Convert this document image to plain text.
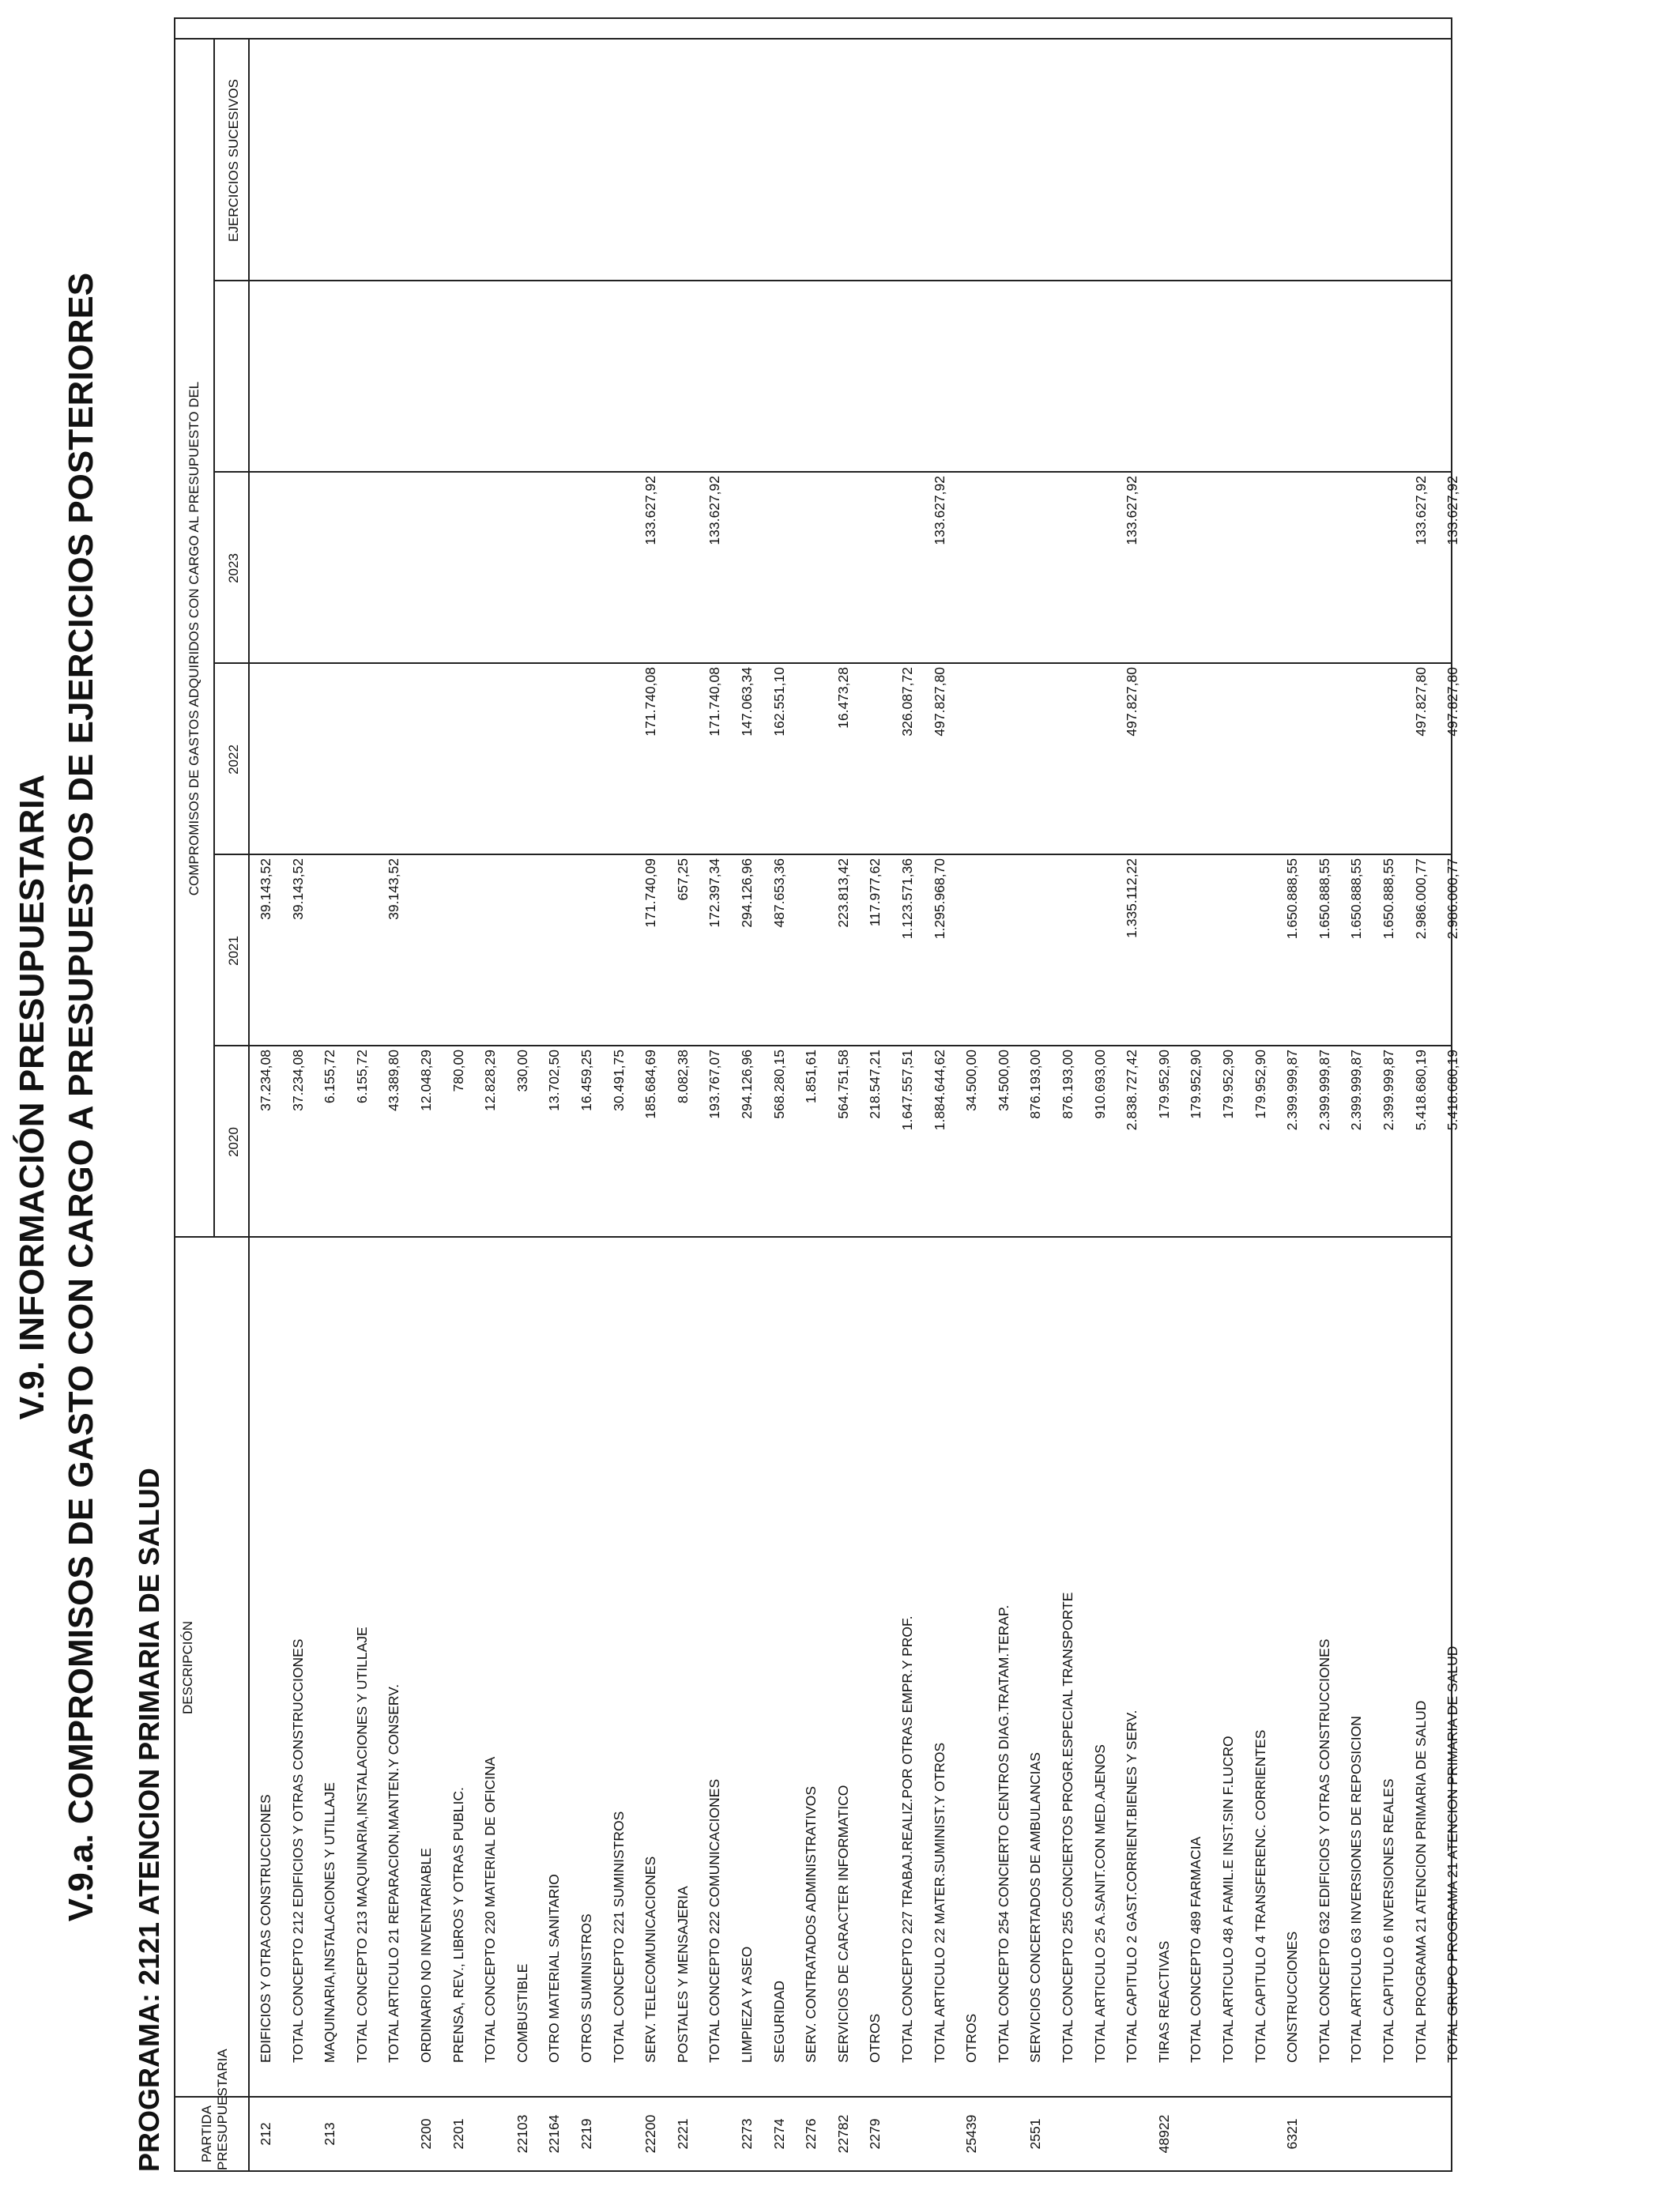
V.9. INFORMACIÓN PRESUPUESTARIA V.9.a. COMPROMISOS DE GASTO CON CARGO A PRESUPUESTOS DE EJERCICIOS POSTERIORES PROGRAMA: 2121 ATENCION PRIMARIA DE SALUD	PARTIDA PRESUPUESTARIA
DESCRIPCIÓN
COMPROMISOS DE GASTOS ADQUIRIDOS CON CARGO AL PRESUPUESTO DEL
2020
2021
2022
2023
EJERCICIOS SUCESIVOS
212
EDIFICIOS Y OTRAS CONSTRUCCIONES
37.234,08
39.143,52
TOTAL CONCEPTO 212 EDIFICIOS Y OTRAS CONSTRUCCIONES
37.234,08
39.143,52
213
MAQUINARIA,INSTALACIONES Y UTILLAJE
6.155,72
TOTAL CONCEPTO 213 MAQUINARIA,INSTALACIONES Y UTILLAJE
6.155,72
TOTAL ARTICULO 21 REPARACION,MANTEN.Y CONSERV.
43.389,80
39.143,52
2200
ORDINARIO NO INVENTARIABLE
12.048,29
2201
PRENSA, REV., LIBROS Y OTRAS PUBLIC.
780,00
TOTAL CONCEPTO 220 MATERIAL DE OFICINA
12.828,29
22103
COMBUSTIBLE
330,00
22164
OTRO MATERIAL SANITARIO
13.702,50
2219
OTROS SUMINISTROS
16.459,25
TOTAL CONCEPTO 221 SUMINISTROS
30.491,75
22200
SERV. TELECOMUNICACIONES
185.684,69
171.740,09
171.740,08
133.627,92
2221
POSTALES Y MENSAJERIA
8.082,38
657,25
TOTAL CONCEPTO 222 COMUNICACIONES
193.767,07
172.397,34
171.740,08
133.627,92
2273
LIMPIEZA Y ASEO
294.126,96
294.126,96
147.063,34
2274
SEGURIDAD
568.280,15
487.653,36
162.551,10
2276
SERV. CONTRATADOS ADMINISTRATIVOS
1.851,61
22782
SERVICIOS DE CARACTER INFORMATICO
564.751,58
223.813,42
16.473,28
2279
OTROS
218.547,21
117.977,62
TOTAL CONCEPTO 227 TRABAJ.REALIZ.POR OTRAS EMPR.Y PROF.
1.647.557,51
1.123.571,36
326.087,72
TOTAL ARTICULO 22 MATER.SUMINIST.Y OTROS
1.884.644,62
1.295.968,70
497.827,80
133.627,92
25439
OTROS
34.500,00
TOTAL CONCEPTO 254 CONCIERTO CENTROS DIAG.TRATAM.TERAP.
34.500,00
2551
SERVICIOS CONCERTADOS DE AMBULANCIAS
876.193,00
TOTAL CONCEPTO 255 CONCIERTOS PROGR.ESPECIAL TRANSPORTE
876.193,00
TOTAL ARTICULO 25 A.SANIT.CON MED.AJENOS
910.693,00
TOTAL CAPITULO 2 GAST.CORRIENT.BIENES Y SERV.
2.838.727,42
1.335.112,22
497.827,80
133.627,92
48922
TIRAS REACTIVAS
179.952,90
TOTAL CONCEPTO 489 FARMACIA
179.952,90
TOTAL ARTICULO 48 A FAMIL.E INST.SIN F.LUCRO
179.952,90
TOTAL CAPITULO 4 TRANSFERENC. CORRIENTES
179.952,90
6321
CONSTRUCCIONES
2.399.999,87
1.650.888,55
TOTAL CONCEPTO 632 EDIFICIOS Y OTRAS CONSTRUCCIONES
2.399.999,87
1.650.888,55
TOTAL ARTICULO 63 INVERSIONES DE REPOSICION
2.399.999,87
1.650.888,55
TOTAL CAPITULO 6 INVERSIONES REALES
2.399.999,87
1.650.888,55
TOTAL PROGRAMA 21 ATENCION PRIMARIA DE SALUD
5.418.680,19
2.986.000,77
497.827,80
133.627,92
TOTAL GRUPO PROGRAMA 21 ATENCION PRIMARIA DE SALUD
5.418.680,19
2.986.000,77
497.827,80
133.627,92
